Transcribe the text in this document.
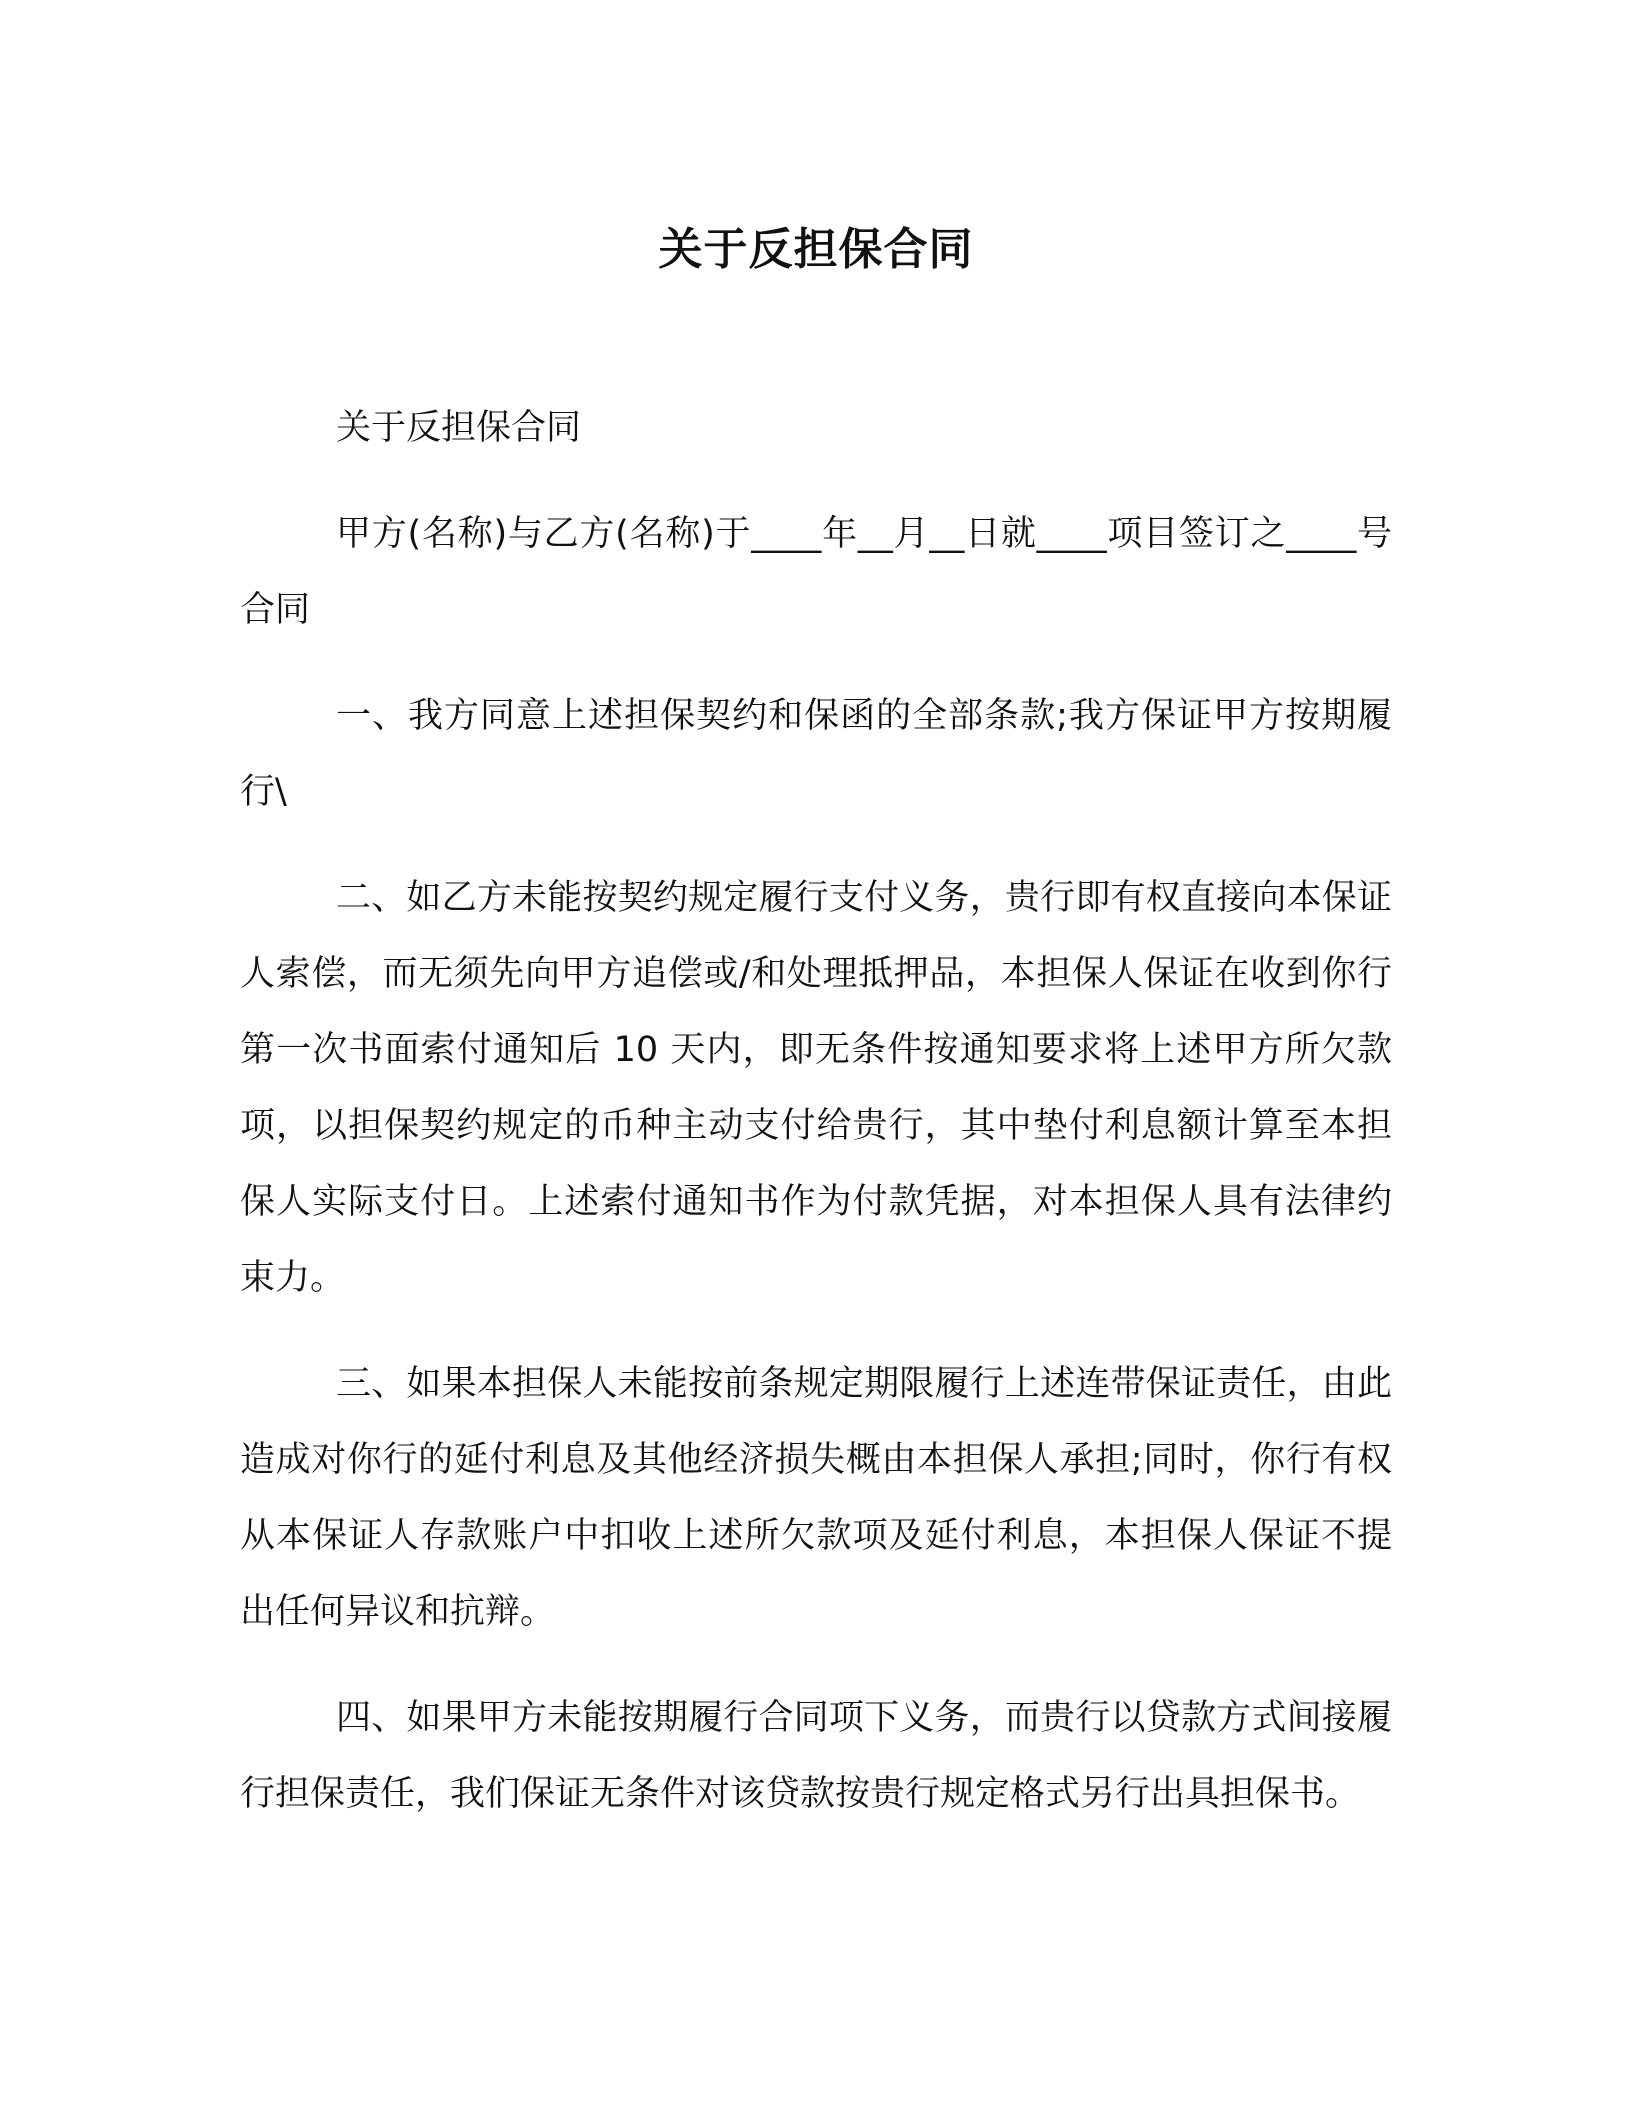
关于反担保合同

关于反担保合同

甲方(名称)与乙方(名称)于____年__月__日就____项目签订之____号合同

一、我方同意上述担保契约和保函的全部条款;我方保证甲方按期履行\

二、如乙方未能按契约规定履行支付义务，贵行即有权直接向本保证人索偿，而无须先向甲方追偿或/和处理抵押品，本担保人保证在收到你行第一次书面索付通知后 10 天内，即无条件按通知要求将上述甲方所欠款项，以担保契约规定的币种主动支付给贵行，其中垫付利息额计算至本担保人实际支付日。上述索付通知书作为付款凭据，对本担保人具有法律约束力。

三、如果本担保人未能按前条规定期限履行上述连带保证责任，由此造成对你行的延付利息及其他经济损失概由本担保人承担;同时，你行有权从本保证人存款账户中扣收上述所欠款项及延付利息，本担保人保证不提出任何异议和抗辩。

四、如果甲方未能按期履行合同项下义务，而贵行以贷款方式间接履行担保责任，我们保证无条件对该贷款按贵行规定格式另行出具担保书。
